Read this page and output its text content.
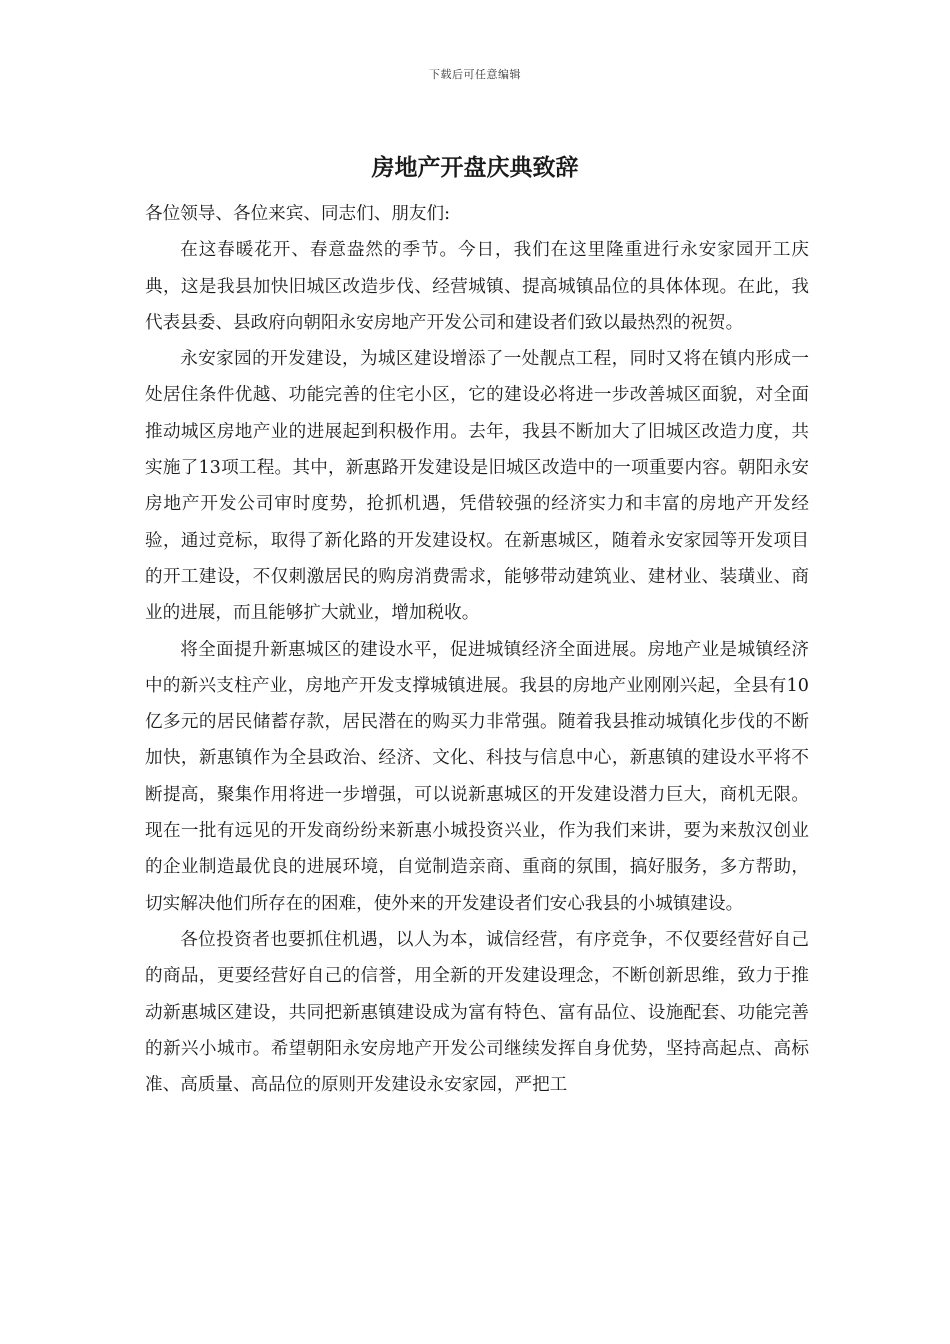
下载后可任意编辑
房地产开盘庆典致辞

各位领导、各位来宾、同志们、朋友们:

在这春暖花开、春意盎然的季节。今日，我们在这里隆重进行永安家园开工庆典，这是我县加快旧城区改造步伐、经营城镇、提高城镇品位的具体体现。在此，我代表县委、县政府向朝阳永安房地产开发公司和建设者们致以最热烈的祝贺。

永安家园的开发建设，为城区建设增添了一处靓点工程，同时又将在镇内形成一处居住条件优越、功能完善的住宅小区，它的建设必将进一步改善城区面貌，对全面推动城区房地产业的进展起到积极作用。去年，我县不断加大了旧城区改造力度，共实施了13项工程。其中，新惠路开发建设是旧城区改造中的一项重要内容。朝阳永安房地产开发公司审时度势，抢抓机遇，凭借较强的经济实力和丰富的房地产开发经验，通过竞标，取得了新化路的开发建设权。在新惠城区，随着永安家园等开发项目的开工建设，不仅刺激居民的购房消费需求，能够带动建筑业、建材业、装璜业、商业的进展，而且能够扩大就业，增加税收。

将全面提升新惠城区的建设水平，促进城镇经济全面进展。房地产业是城镇经济中的新兴支柱产业，房地产开发支撑城镇进展。我县的房地产业刚刚兴起，全县有10亿多元的居民储蓄存款，居民潜在的购买力非常强。随着我县推动城镇化步伐的不断加快，新惠镇作为全县政治、经济、文化、科技与信息中心，新惠镇的建设水平将不断提高，聚集作用将进一步增强，可以说新惠城区的开发建设潜力巨大，商机无限。现在一批有远见的开发商纷纷来新惠小城投资兴业，作为我们来讲，要为来敖汉创业的企业制造最优良的进展环境，自觉制造亲商、重商的氛围，搞好服务，多方帮助，切实解决他们所存在的困难，使外来的开发建设者们安心我县的小城镇建设。

各位投资者也要抓住机遇，以人为本，诚信经营，有序竞争，不仅要经营好自己的商品，更要经营好自己的信誉，用全新的开发建设理念，不断创新思维，致力于推动新惠城区建设，共同把新惠镇建设成为富有特色、富有品位、设施配套、功能完善的新兴小城市。希望朝阳永安房地产开发公司继续发挥自身优势，坚持高起点、高标准、高质量、高品位的原则开发建设永安家园，严把工
